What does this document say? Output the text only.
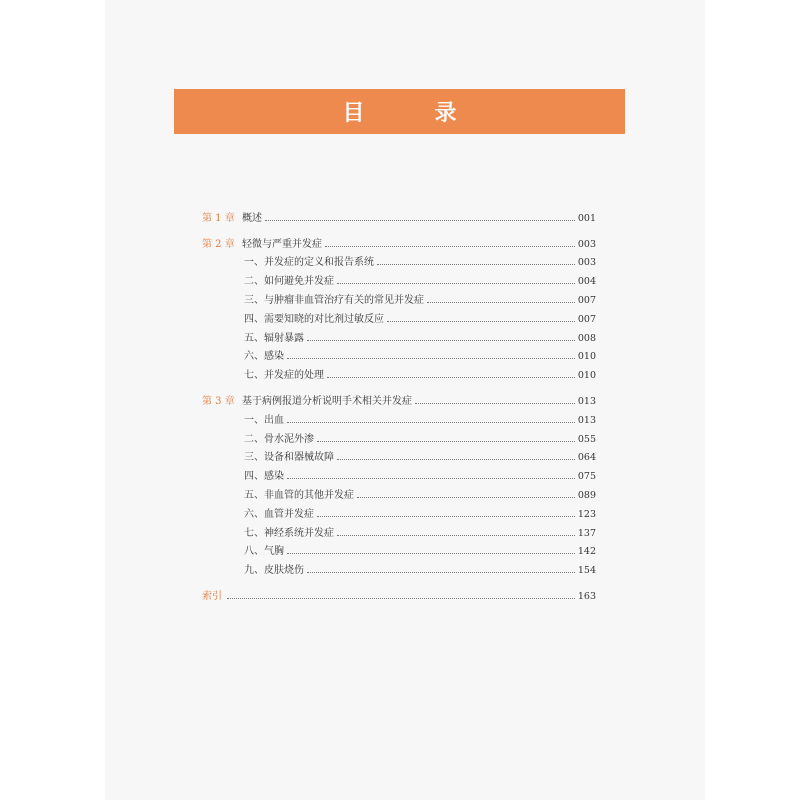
目　录
第 1 章 概述	001
第 2 章 轻微与严重并发症	003
一、并发症的定义和报告系统	003
二、如何避免并发症	004
三、与肿瘤非血管治疗有关的常见并发症	007
四、需要知晓的对比剂过敏反应	007
五、辐射暴露	008
六、感染	010
七、并发症的处理	010
第 3 章 基于病例报道分析说明手术相关并发症	013
一、出血	013
二、骨水泥外渗	055
三、设备和器械故障	064
四、感染	075
五、非血管的其他并发症	089
六、血管并发症	123
七、神经系统并发症	137
八、气胸	142
九、皮肤烧伤	154
索引	163
